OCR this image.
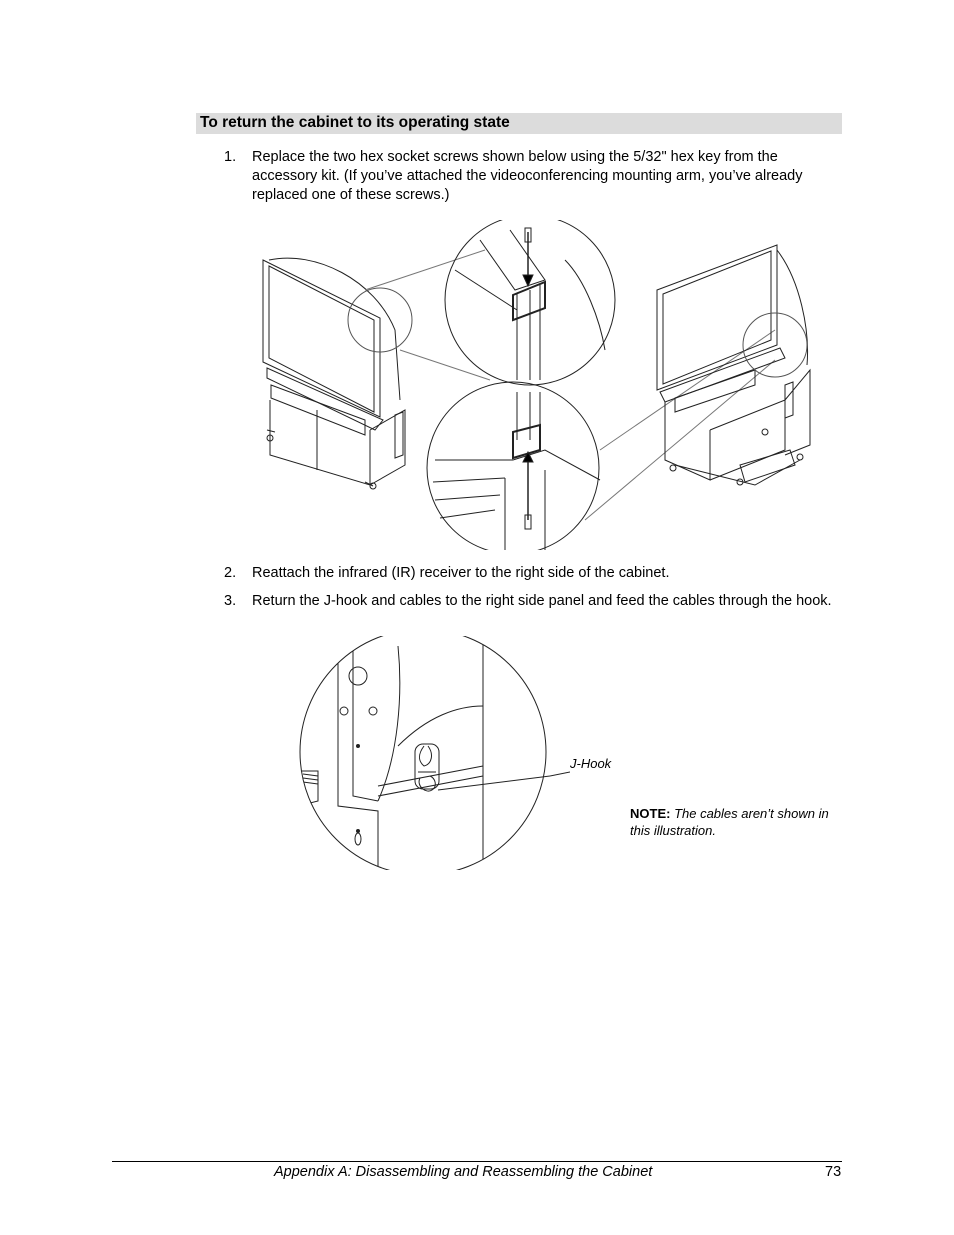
To return the cabinet to its operating state
1. Replace the two hex socket screws shown below using the 5/32" hex key from the accessory kit. (If you’ve attached the videoconferencing mounting arm, you’ve already replaced one of these screws.)
2. Reattach the infrared (IR) receiver to the right side of the cabinet.
3. Return the J-hook and cables to the right side panel and feed the cables through the hook.
J-Hook
NOTE: The cables aren’t shown in this illustration.
Appendix A: Disassembling and Reassembling the Cabinet	73
